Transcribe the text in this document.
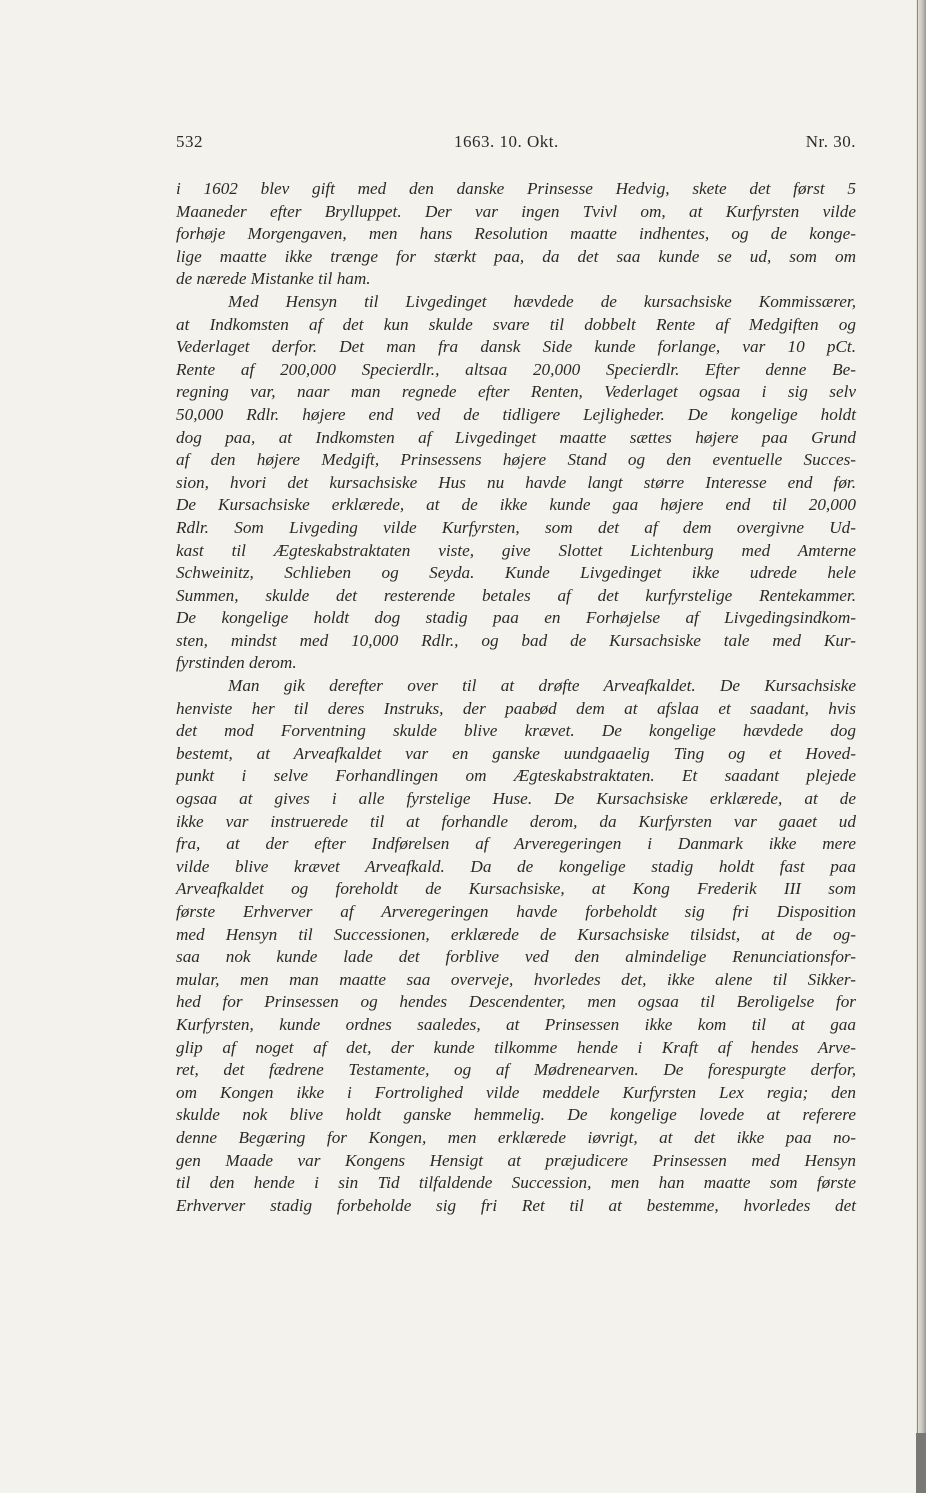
532	1663. 10. Okt.	Nr. 30.
i 1602 blev gift med den danske Prinsesse Hedvig, skete det først 5
Maaneder efter Brylluppet. Der var ingen Tvivl om, at Kurfyrsten vilde
forhøje Morgengaven, men hans Resolution maatte indhentes, og de konge-
lige maatte ikke trænge for stærkt paa, da det saa kunde se ud, som om
de nærede Mistanke til ham.
Med Hensyn til Livgedinget hævdede de kursachsiske Kommissærer,
at Indkomsten af det kun skulde svare til dobbelt Rente af Medgiften og
Vederlaget derfor. Det man fra dansk Side kunde forlange, var 10 pCt.
Rente af 200,000 Specierdlr., altsaa 20,000 Specierdlr. Efter denne Be-
regning var, naar man regnede efter Renten, Vederlaget ogsaa i sig selv
50,000 Rdlr. højere end ved de tidligere Lejligheder. De kongelige holdt
dog paa, at Indkomsten af Livgedinget maatte sættes højere paa Grund
af den højere Medgift, Prinsessens højere Stand og den eventuelle Succes-
sion, hvori det kursachsiske Hus nu havde langt større Interesse end før.
De Kursachsiske erklærede, at de ikke kunde gaa højere end til 20,000
Rdlr. Som Livgeding vilde Kurfyrsten, som det af dem overgivne Ud-
kast til Ægteskabstraktaten viste, give Slottet Lichtenburg med Amterne
Schweinitz, Schlieben og Seyda. Kunde Livgedinget ikke udrede hele
Summen, skulde det resterende betales af det kurfyrstelige Rentekammer.
De kongelige holdt dog stadig paa en Forhøjelse af Livgedingsindkom-
sten, mindst med 10,000 Rdlr., og bad de Kursachsiske tale med Kur-
fyrstinden derom.
Man gik derefter over til at drøfte Arveafkaldet. De Kursachsiske
henviste her til deres Instruks, der paabød dem at afslaa et saadant, hvis
det mod Forventning skulde blive krævet. De kongelige hævdede dog
bestemt, at Arveafkaldet var en ganske uundgaaelig Ting og et Hoved-
punkt i selve Forhandlingen om Ægteskabstraktaten. Et saadant plejede
ogsaa at gives i alle fyrstelige Huse. De Kursachsiske erklærede, at de
ikke var instruerede til at forhandle derom, da Kurfyrsten var gaaet ud
fra, at der efter Indførelsen af Arveregeringen i Danmark ikke mere
vilde blive krævet Arveafkald. Da de kongelige stadig holdt fast paa
Arveafkaldet og foreholdt de Kursachsiske, at Kong Frederik III som
første Erhverver af Arveregeringen havde forbeholdt sig fri Disposition
med Hensyn til Successionen, erklærede de Kursachsiske tilsidst, at de og-
saa nok kunde lade det forblive ved den almindelige Renunciationsfor-
mular, men man maatte saa overveje, hvorledes det, ikke alene til Sikker-
hed for Prinsessen og hendes Descendenter, men ogsaa til Beroligelse for
Kurfyrsten, kunde ordnes saaledes, at Prinsessen ikke kom til at gaa
glip af noget af det, der kunde tilkomme hende i Kraft af hendes Arve-
ret, det fædrene Testamente, og af Mødrenearven. De forespurgte derfor,
om Kongen ikke i Fortrolighed vilde meddele Kurfyrsten Lex regia; den
skulde nok blive holdt ganske hemmelig. De kongelige lovede at referere
denne Begæring for Kongen, men erklærede iøvrigt, at det ikke paa no-
gen Maade var Kongens Hensigt at præjudicere Prinsessen med Hensyn
til den hende i sin Tid tilfaldende Succession, men han maatte som første
Erhverver stadig forbeholde sig fri Ret til at bestemme, hvorledes det
